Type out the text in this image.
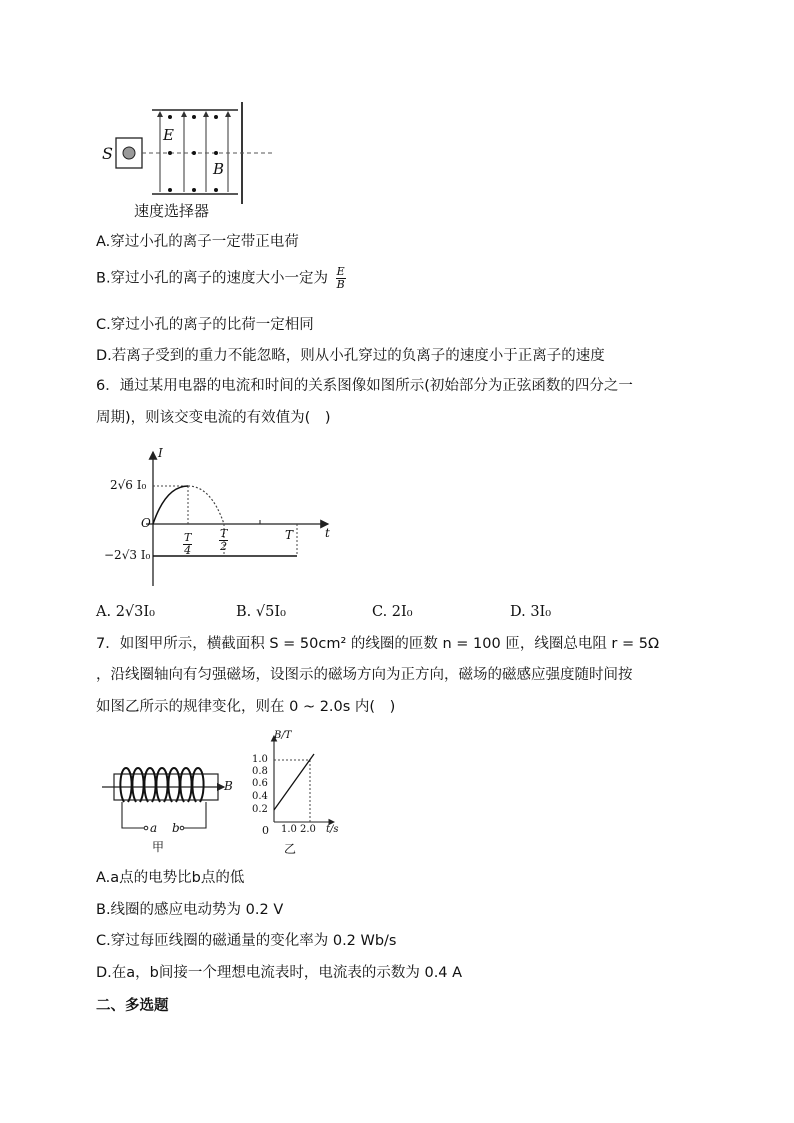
S
E
B
速度选择器
A.穿过小孔的离子一定带正电荷
B.穿过小孔的离子的速度大小一定为 $\frac{E}{B}$
C.穿过小孔的离子的比荷一定相同
D.若离子受到的重力不能忽略，则从小孔穿过的负离子的速度小于正离子的速度
6．通过某用电器的电流和时间的关系图像如图所示(初始部分为正弦函数的四分之一
周期)，则该交变电流的有效值为(　)
I
t
O
2√6 I₀
−2√3 I₀	$\frac{T}{4} \frac{T}{2}$	T
A. 2√3I₀	B. √5I₀	C. 2I₀	D. 3I₀
7．如图甲所示，横截面积 S = 50cm² 的线圈的匝数 n = 100 匝，线圈总电阻 r = 5Ω
，沿线圈轴向有匀强磁场，设图示的磁场方向为正方向，磁场的磁感应强度随时间按
如图乙所示的规律变化，则在 0 ~ 2.0s 内(　)
B
a b
甲
B/T
t/s
0
1.0
0.8
0.6
0.4
0.2
1.0 2.0
乙
A.a点的电势比b点的低
B.线圈的感应电动势为 0.2 V
C.穿过每匝线圈的磁通量的变化率为 0.2 Wb/s
D.在a，b间接一个理想电流表时，电流表的示数为 0.4 A
二、多选题
